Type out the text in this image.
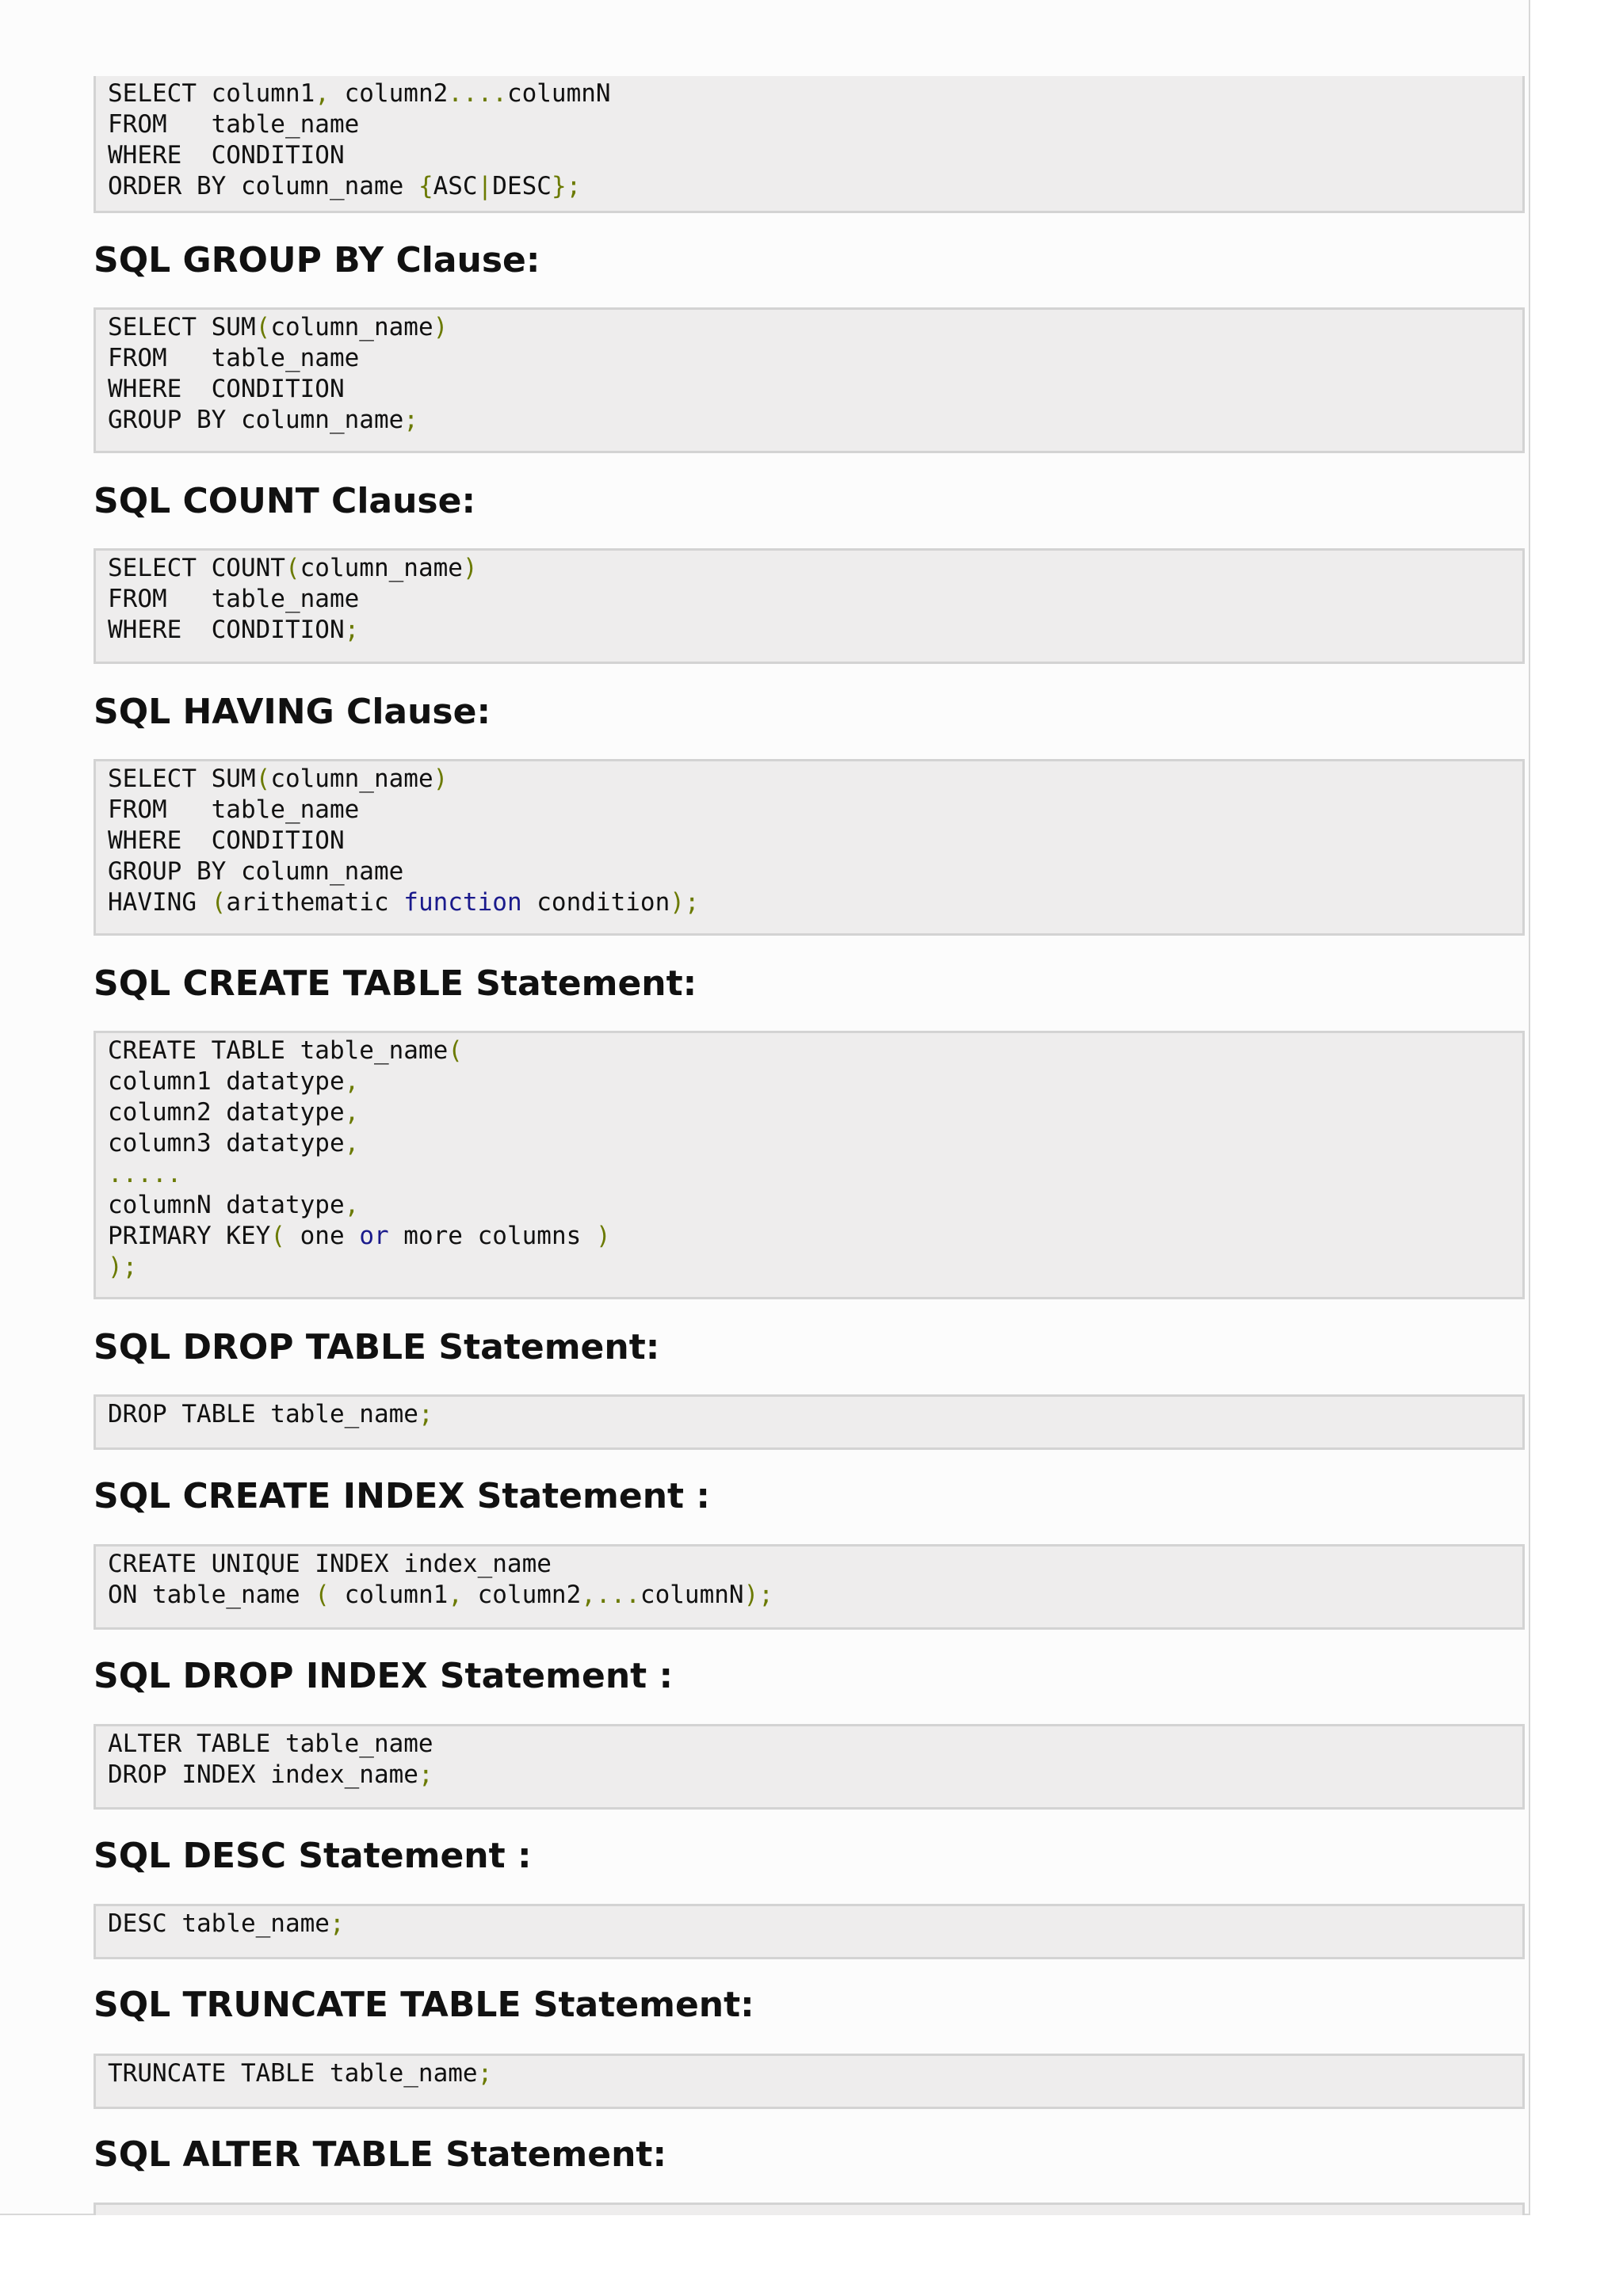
SELECT column1, column2....columnN
FROM   table_name
WHERE  CONDITION
ORDER BY column_name {ASC|DESC};
SQL GROUP BY Clause:
SELECT SUM(column_name)
FROM   table_name
WHERE  CONDITION
GROUP BY column_name;
SQL COUNT Clause:
SELECT COUNT(column_name)
FROM   table_name
WHERE  CONDITION;
SQL HAVING Clause:
SELECT SUM(column_name)
FROM   table_name
WHERE  CONDITION
GROUP BY column_name
HAVING (arithematic function condition);
SQL CREATE TABLE Statement:
CREATE TABLE table_name(
column1 datatype,
column2 datatype,
column3 datatype,
.....
columnN datatype,
PRIMARY KEY( one or more columns )
);
SQL DROP TABLE Statement:
DROP TABLE table_name;
SQL CREATE INDEX Statement :
CREATE UNIQUE INDEX index_name
ON table_name ( column1, column2,...columnN);
SQL DROP INDEX Statement :
ALTER TABLE table_name
DROP INDEX index_name;
SQL DESC Statement :
DESC table_name;
SQL TRUNCATE TABLE Statement:
TRUNCATE TABLE table_name;
SQL ALTER TABLE Statement:
